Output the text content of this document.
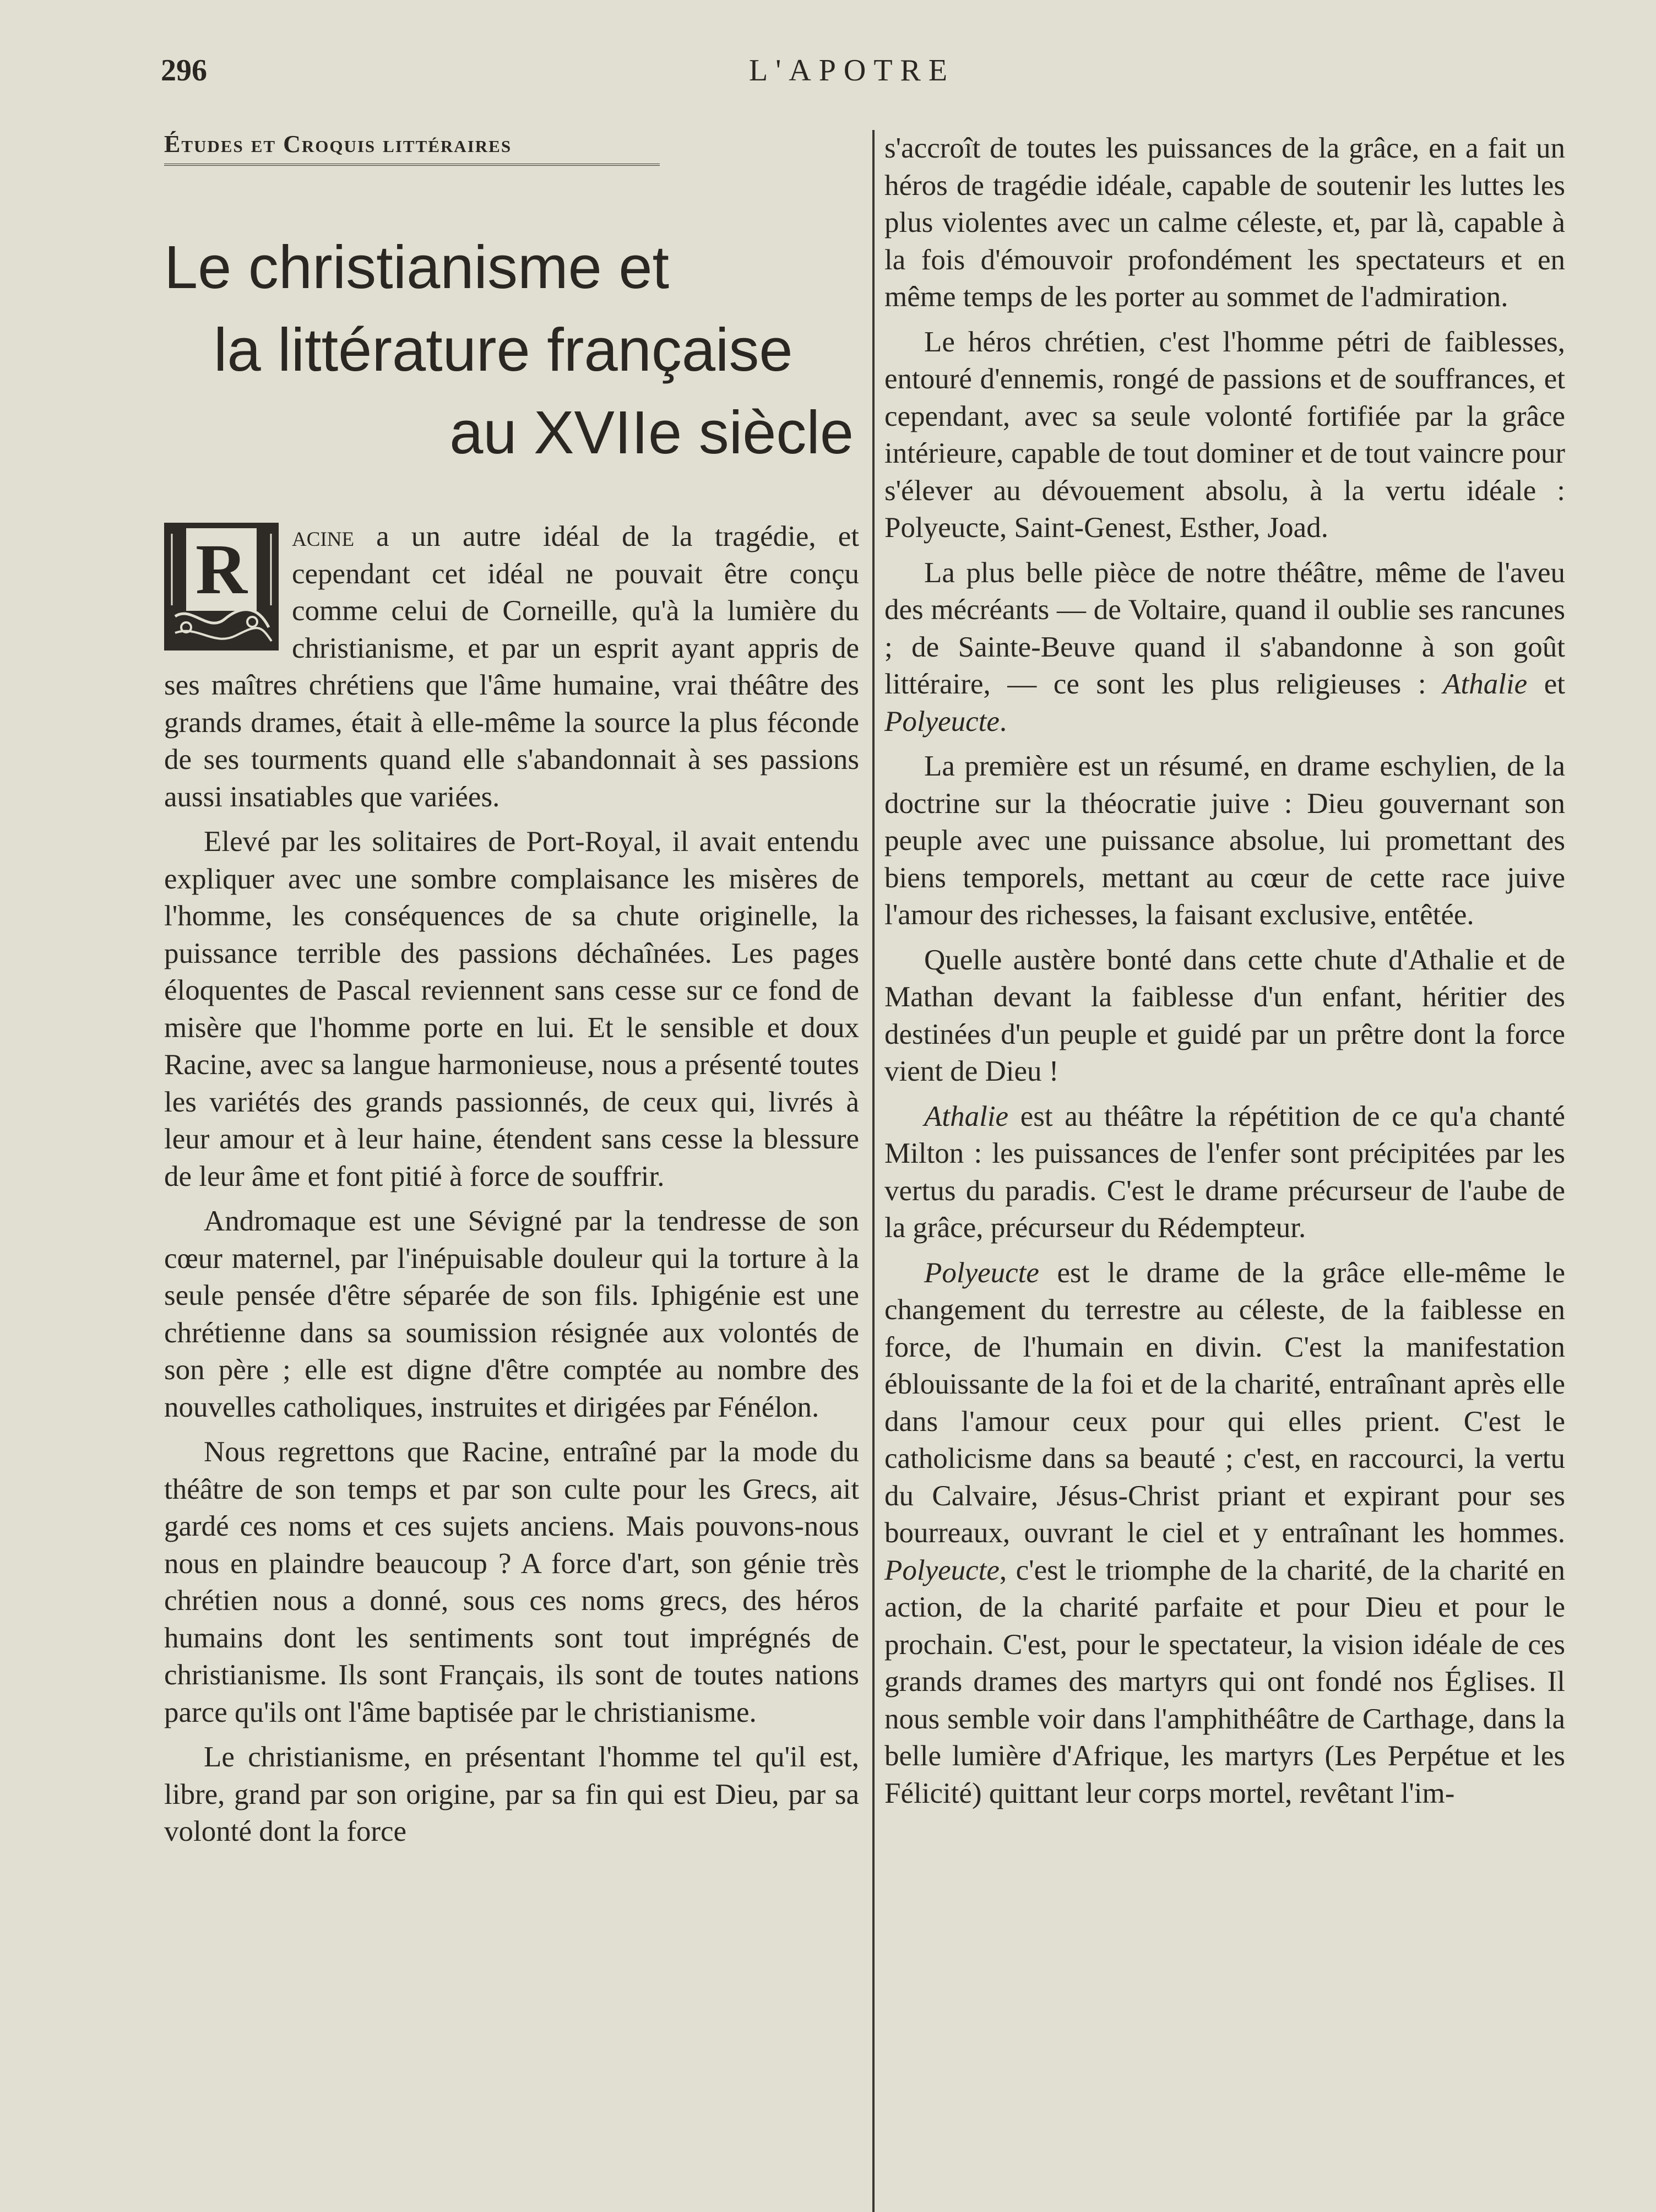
296	L'APOTRE
Études et Croquis littéraires
Le christianisme et
la littérature française
au XVIIe siècle

R	acine a un autre idéal de la tragédie, et cependant cet idéal ne pouvait être conçu comme celui de Corneille, qu'à la lumière du christianisme, et par un esprit ayant appris de ses maîtres chrétiens que l'âme humaine, vrai théâtre des grands drames, était à elle-même la source la plus féconde de ses tourments quand elle s'abandonnait à ses passions aussi insatiables que variées.

Elevé par les solitaires de Port-Royal, il avait entendu expliquer avec une sombre complaisance les misères de l'homme, les conséquences de sa chute originelle, la puissance terrible des passions déchaînées. Les pages éloquentes de Pascal reviennent sans cesse sur ce fond de misère que l'homme porte en lui. Et le sensible et doux Racine, avec sa langue harmonieuse, nous a présenté toutes les variétés des grands passionnés, de ceux qui, livrés à leur amour et à leur haine, étendent sans cesse la blessure de leur âme et font pitié à force de souffrir.

Andromaque est une Sévigné par la tendresse de son cœur maternel, par l'inépuisable douleur qui la torture à la seule pensée d'être séparée de son fils. Iphigénie est une chrétienne dans sa soumission résignée aux volontés de son père ; elle est digne d'être comptée au nombre des nouvelles catholiques, instruites et dirigées par Fénélon.

Nous regrettons que Racine, entraîné par la mode du théâtre de son temps et par son culte pour les Grecs, ait gardé ces noms et ces sujets anciens. Mais pouvons-nous nous en plaindre beaucoup ? A force d'art, son génie très chrétien nous a donné, sous ces noms grecs, des héros humains dont les sentiments sont tout imprégnés de christianisme. Ils sont Français, ils sont de toutes nations parce qu'ils ont l'âme baptisée par le christianisme.

Le christianisme, en présentant l'homme tel qu'il est, libre, grand par son origine, par sa fin qui est Dieu, par sa volonté dont la force

s'accroît de toutes les puissances de la grâce, en a fait un héros de tragédie idéale, capable de soutenir les luttes les plus violentes avec un calme céleste, et, par là, capable à la fois d'émouvoir profondément les spectateurs et en même temps de les porter au sommet de l'admiration.

Le héros chrétien, c'est l'homme pétri de faiblesses, entouré d'ennemis, rongé de passions et de souffrances, et cependant, avec sa seule volonté fortifiée par la grâce intérieure, capable de tout dominer et de tout vaincre pour s'élever au dévouement absolu, à la vertu idéale : Polyeucte, Saint-Genest, Esther, Joad.

La plus belle pièce de notre théâtre, même de l'aveu des mécréants — de Voltaire, quand il oublie ses rancunes ; de Sainte-Beuve quand il s'abandonne à son goût littéraire, — ce sont les plus religieuses : Athalie et Polyeucte.

La première est un résumé, en drame eschylien, de la doctrine sur la théocratie juive : Dieu gouvernant son peuple avec une puissance absolue, lui promettant des biens temporels, mettant au cœur de cette race juive l'amour des richesses, la faisant exclusive, entêtée.

Quelle austère bonté dans cette chute d'Athalie et de Mathan devant la faiblesse d'un enfant, héritier des destinées d'un peuple et guidé par un prêtre dont la force vient de Dieu !

Athalie est au théâtre la répétition de ce qu'a chanté Milton : les puissances de l'enfer sont précipitées par les vertus du paradis. C'est le drame précurseur de l'aube de la grâce, précurseur du Rédempteur.

Polyeucte est le drame de la grâce elle-même le changement du terrestre au céleste, de la faiblesse en force, de l'humain en divin. C'est la manifestation éblouissante de la foi et de la charité, entraînant après elle dans l'amour ceux pour qui elles prient. C'est le catholicisme dans sa beauté ; c'est, en raccourci, la vertu du Calvaire, Jésus-Christ priant et expirant pour ses bourreaux, ouvrant le ciel et y entraînant les hommes. Polyeucte, c'est le triomphe de la charité, de la charité en action, de la charité parfaite et pour Dieu et pour le prochain. C'est, pour le spectateur, la vision idéale de ces grands drames des martyrs qui ont fondé nos Églises. Il nous semble voir dans l'amphithéâtre de Carthage, dans la belle lumière d'Afrique, les martyrs (Les Perpétue et les Félicité) quittant leur corps mortel, revêtant l'im-
